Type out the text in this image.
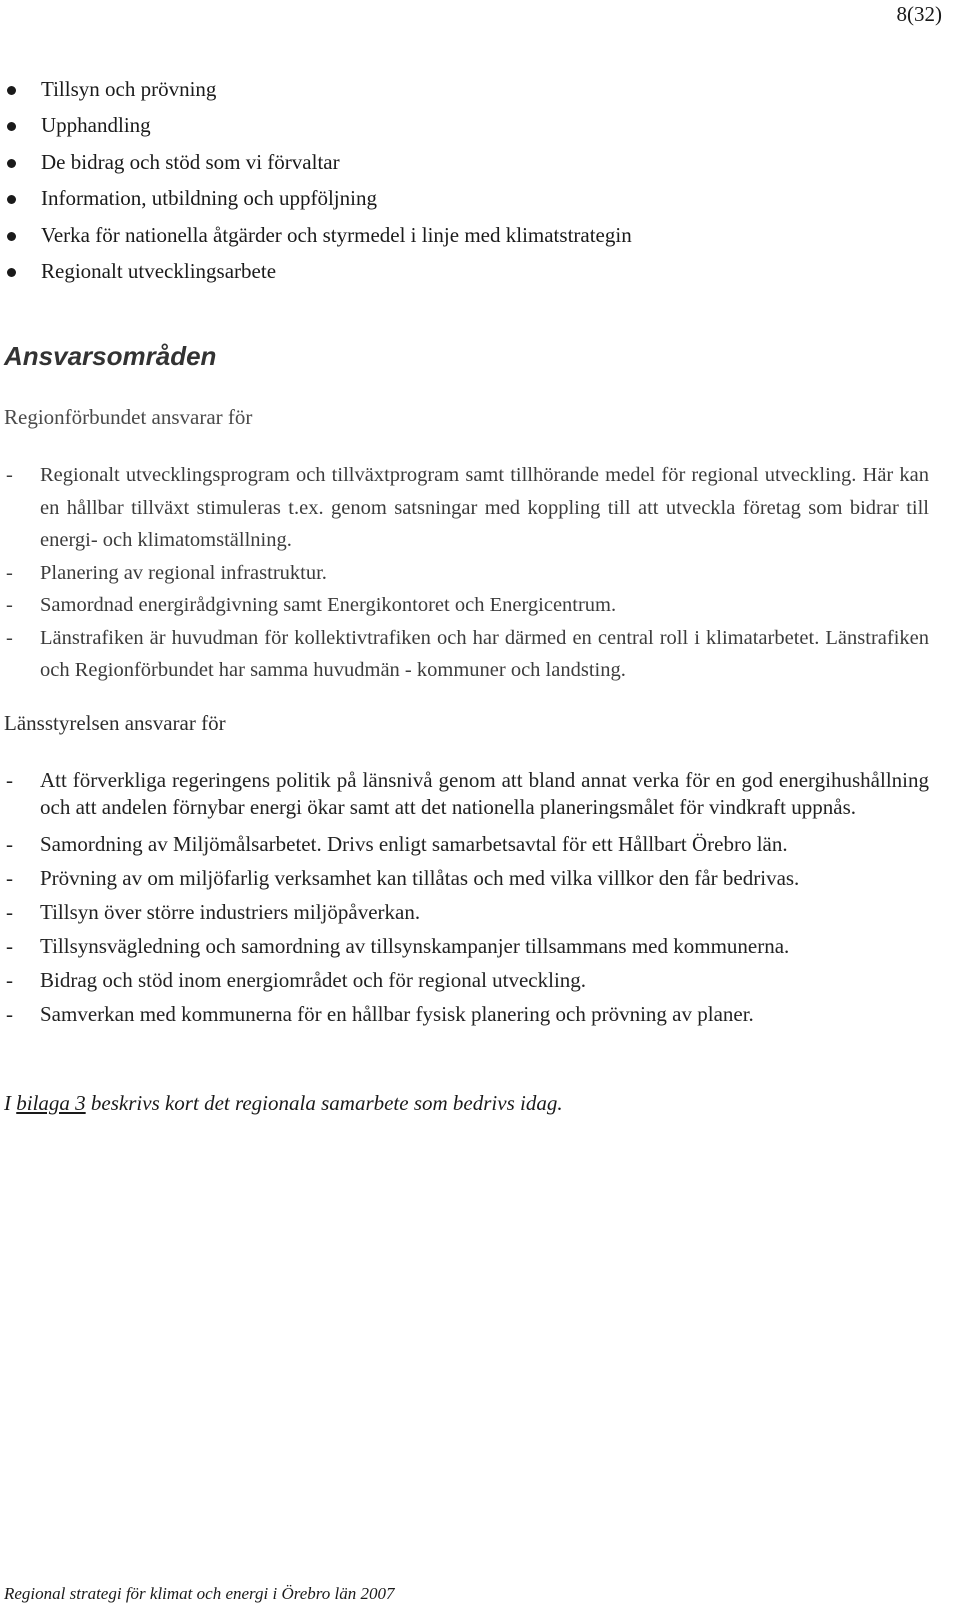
8(32)
Tillsyn och prövning
Upphandling
De bidrag och stöd som vi förvaltar
Information, utbildning och uppföljning
Verka för nationella åtgärder och styrmedel i linje med klimatstrategin
Regionalt utvecklingsarbete
Ansvarsområden

Regionförbundet ansvarar för

- Regionalt utvecklingsprogram och tillväxtprogram samt tillhörande medel för regional utveckling. Här kan en hållbar tillväxt stimuleras t.ex. genom satsningar med koppling till att utveckla företag som bidrar till energi- och klimatomställning.
- Planering av regional infrastruktur.
- Samordnad energirådgivning samt Energikontoret och Energicentrum.
- Länstrafiken är huvudman för kollektivtrafiken och har därmed en central roll i klimatarbetet. Länstrafiken och Regionförbundet har samma huvudmän - kommuner och landsting.

Länsstyrelsen ansvarar för

- Att förverkliga regeringens politik på länsnivå genom att bland annat verka för en god energihushållning och att andelen förnybar energi ökar samt att det nationella planeringsmålet för vindkraft uppnås.
- Samordning av Miljömålsarbetet. Drivs enligt samarbetsavtal för ett Hållbart Örebro län.
- Prövning av om miljöfarlig verksamhet kan tillåtas och med vilka villkor den får bedrivas.
- Tillsyn över större industriers miljöpåverkan.
- Tillsynsvägledning och samordning av tillsynskampanjer tillsammans med kommunerna.
- Bidrag och stöd inom energiområdet och för regional utveckling.
- Samverkan med kommunerna för en hållbar fysisk planering och prövning av planer.

I bilaga 3 beskrivs kort det regionala samarbete som bedrivs idag.

Regional strategi för klimat och energi i Örebro län 2007
